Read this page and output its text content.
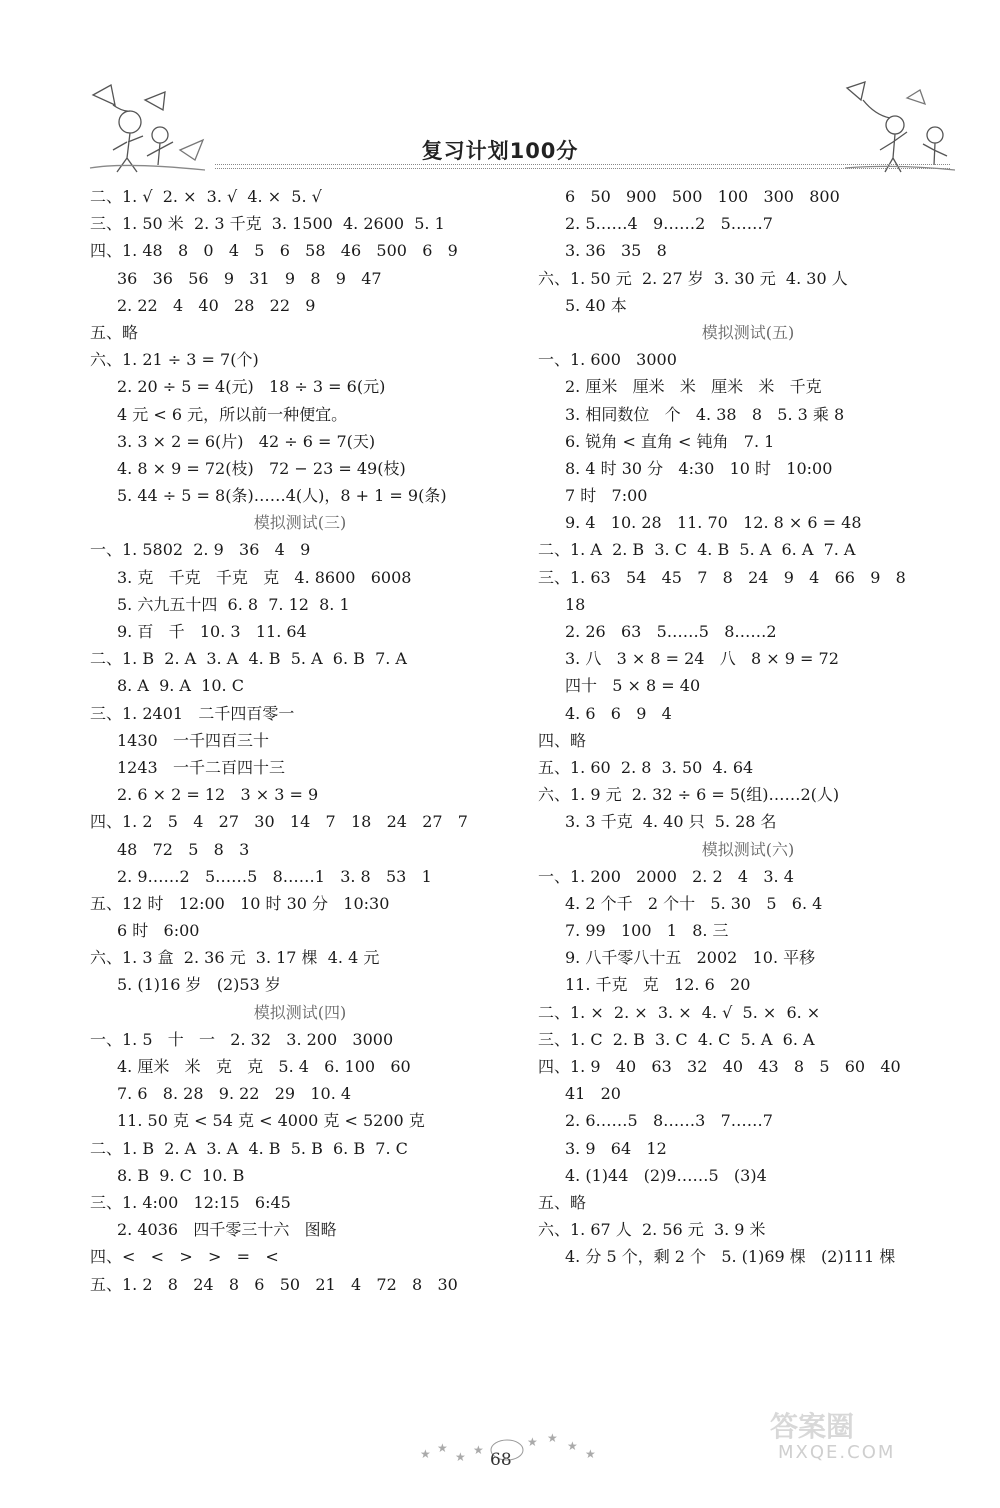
复习计划100分
二、1. √  2. ×  3. √  4. ×  5. √
三、1. 50 米  2. 3 千克  3. 1500  4. 2600  5. 1
四、1. 48   8   0   4   5   6   58   46   500   6   9
36   36   56   9   31   9   8   9   47
2. 22   4   40   28   22   9
五、略
六、1. 21 ÷ 3 = 7(个)
2. 20 ÷ 5 = 4(元)   18 ÷ 3 = 6(元)
4 元 < 6 元，所以前一种便宜。
3. 3 × 2 = 6(片)   42 ÷ 6 = 7(天)
4. 8 × 9 = 72(枝)   72 − 23 = 49(枝)
5. 44 ÷ 5 = 8(条)……4(人)，8 + 1 = 9(条)
模拟测试(三)
一、1. 5802  2. 9   36   4   9
3. 克   千克   千克   克   4. 8600   6008
5. 六九五十四  6. 8  7. 12  8. 1
9. 百   千   10. 3   11. 64
二、1. B  2. A  3. A  4. B  5. A  6. B  7. A
8. A  9. A  10. C
三、1. 2401   二千四百零一
1430   一千四百三十
1243   一千二百四十三
2. 6 × 2 = 12   3 × 3 = 9
四、1. 2   5   4   27   30   14   7   18   24   27   7
48   72   5   8   3
2. 9……2   5……5   8……1   3. 8   53   1
五、12 时   12:00   10 时 30 分   10:30
6 时   6:00
六、1. 3 盒  2. 36 元  3. 17 棵  4. 4 元
5. (1)16 岁   (2)53 岁
模拟测试(四)
一、1. 5   十   一   2. 32   3. 200   3000
4. 厘米   米   克   克   5. 4   6. 100   60
7. 6   8. 28   9. 22   29   10. 4
11. 50 克 < 54 克 < 4000 克 < 5200 克
二、1. B  2. A  3. A  4. B  5. B  6. B  7. C
8. B  9. C  10. B
三、1. 4:00   12:15   6:45
2. 4036   四千零三十六   图略
四、<   <   >   >   =   <
五、1. 2   8   24   8   6   50   21   4   72   8   30
6   50   900   500   100   300   800
2. 5……4   9……2   5……7
3. 36   35   8
六、1. 50 元  2. 27 岁  3. 30 元  4. 30 人
5. 40 本
模拟测试(五)
一、1. 600   3000
2. 厘米   厘米   米   厘米   米   千克
3. 相同数位   个   4. 38   8   5. 3 乘 8
6. 锐角 < 直角 < 钝角   7. 1
8. 4 时 30 分   4:30   10 时   10:00
7 时   7:00
9. 4   10. 28   11. 70   12. 8 × 6 = 48
二、1. A  2. B  3. C  4. B  5. A  6. A  7. A
三、1. 63   54   45   7   8   24   9   4   66   9   8
18
2. 26   63   5……5   8……2
3. 八   3 × 8 = 24   八   8 × 9 = 72
四十   5 × 8 = 40
4. 6   6   9   4
四、略
五、1. 60  2. 8  3. 50  4. 64
六、1. 9 元  2. 32 ÷ 6 = 5(组)……2(人)
3. 3 千克  4. 40 只  5. 28 名
模拟测试(六)
一、1. 200   2000   2. 2   4   3. 4
4. 2 个千   2 个十   5. 30   5   6. 4
7. 99   100   1   8. 三
9. 八千零八十五   2002   10. 平移
11. 千克   克   12. 6   20
二、1. ×  2. ×  3. ×  4. √  5. ×  6. ×
三、1. C  2. B  3. C  4. C  5. A  6. A
四、1. 9   40   63   32   40   43   8   5   60   40
41   20
2. 6……5   8……3   7……7
3. 9   64   12
4. (1)44   (2)9……5   (3)4
五、略
六、1. 67 人  2. 56 元  3. 9 米
4. 分 5 个，剩 2 个   5. (1)69 棵   (2)111 棵
★ ★
★ ★
★ ★
★
★
68
答案圈
MXQE.COM
